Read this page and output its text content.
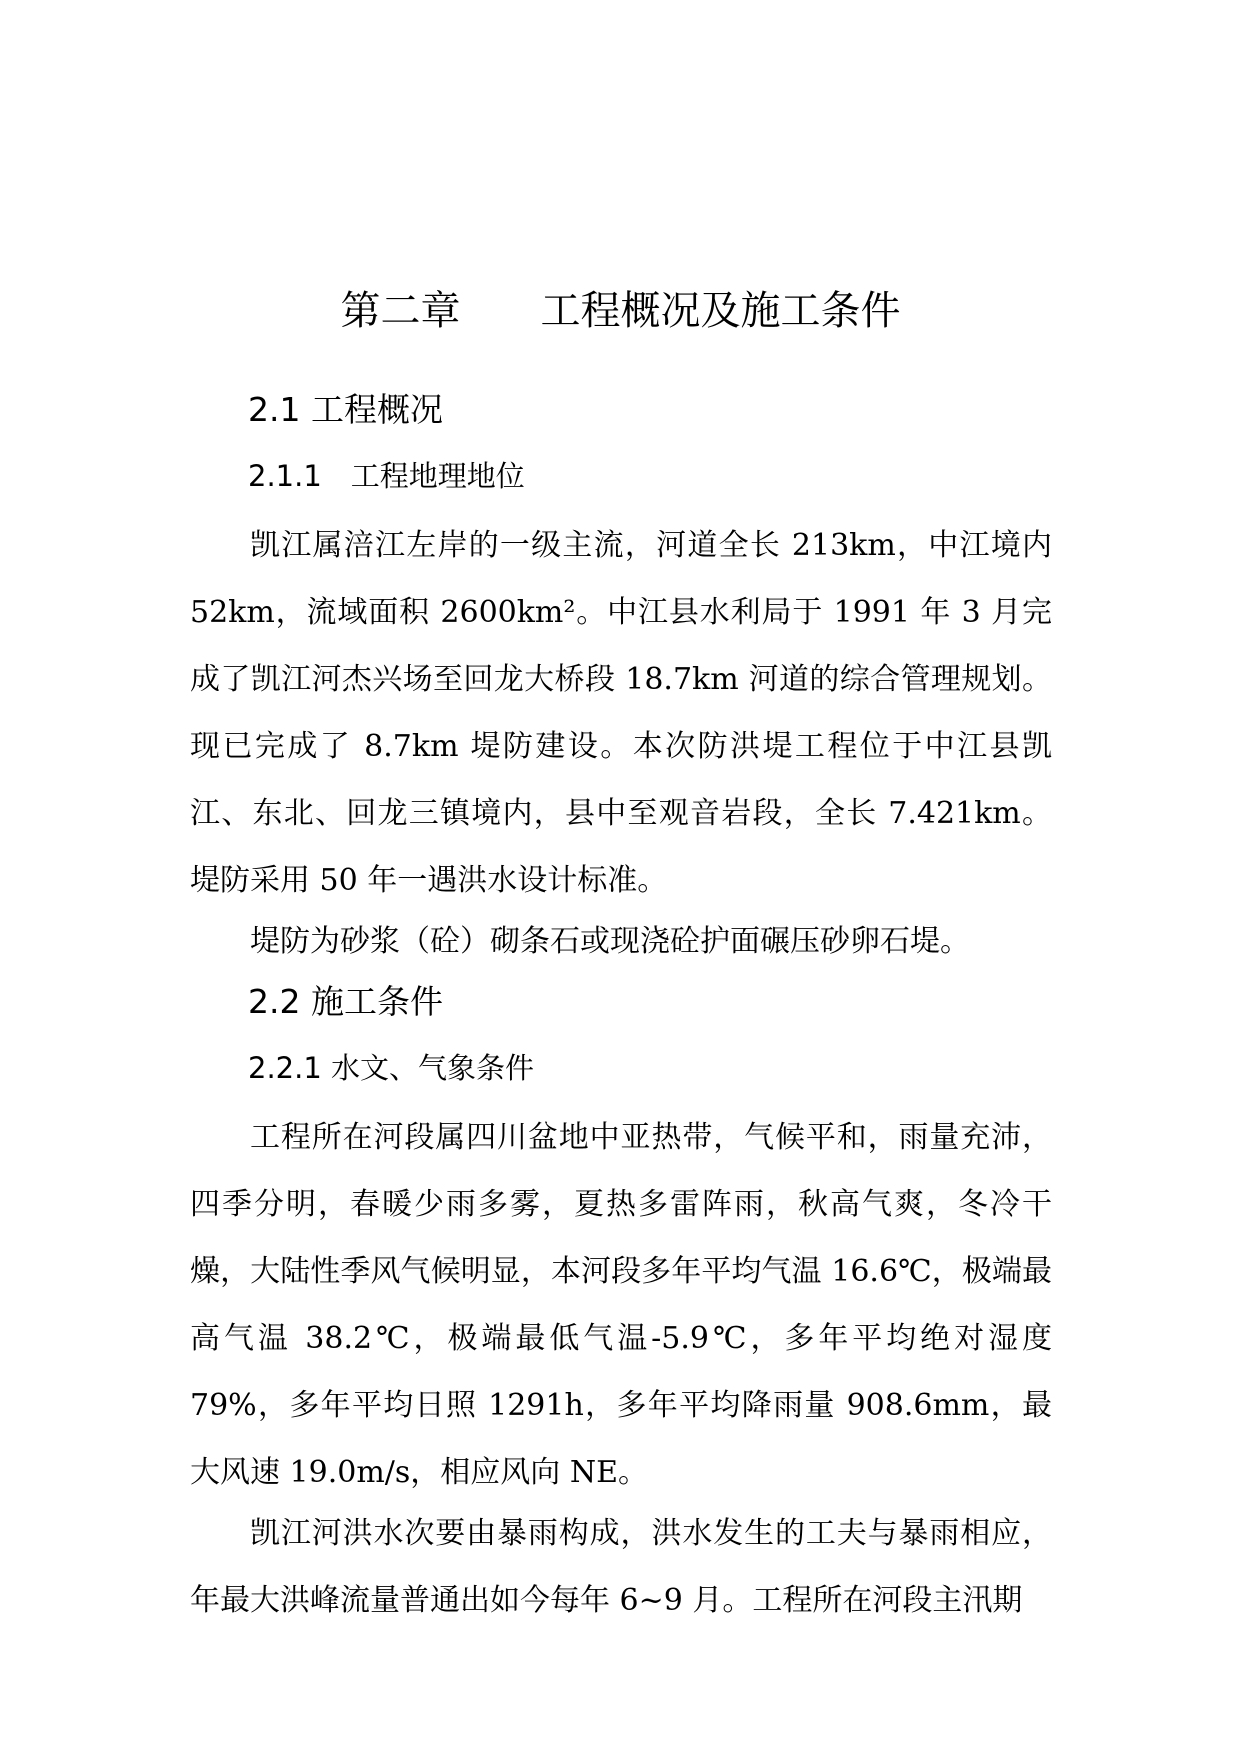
第二章 工程概况及施工条件
2.1 工程概况
2.1.1　工程地理地位

凯江属涪江左岸的一级主流，河道全长 213km，中江境内 52km，流域面积 2600km²。中江县水利局于 1991 年 3 月完成了凯江河杰兴场至回龙大桥段 18.7km 河道的综合管理规划。现已完成了 8.7km 堤防建设。本次防洪堤工程位于中江县凯江、东北、回龙三镇境内，县中至观音岩段，全长 7.421km。堤防采用 50 年一遇洪水设计标准。

堤防为砂浆（砼）砌条石或现浇砼护面碾压砂卵石堤。

2.2 施工条件
2.2.1 水文、气象条件

工程所在河段属四川盆地中亚热带，气候平和，雨量充沛，四季分明，春暖少雨多雾，夏热多雷阵雨，秋高气爽，冬冷干燥，大陆性季风气候明显，本河段多年平均气温 16.6℃，极端最高气温 38.2℃，极端最低气温-5.9℃，多年平均绝对湿度 79%，多年平均日照 1291h，多年平均降雨量 908.6mm，最大风速 19.0m/s，相应风向 NE。

凯江河洪水次要由暴雨构成，洪水发生的工夫与暴雨相应，年最大洪峰流量普通出如今每年 6~9 月。工程所在河段主汛期
